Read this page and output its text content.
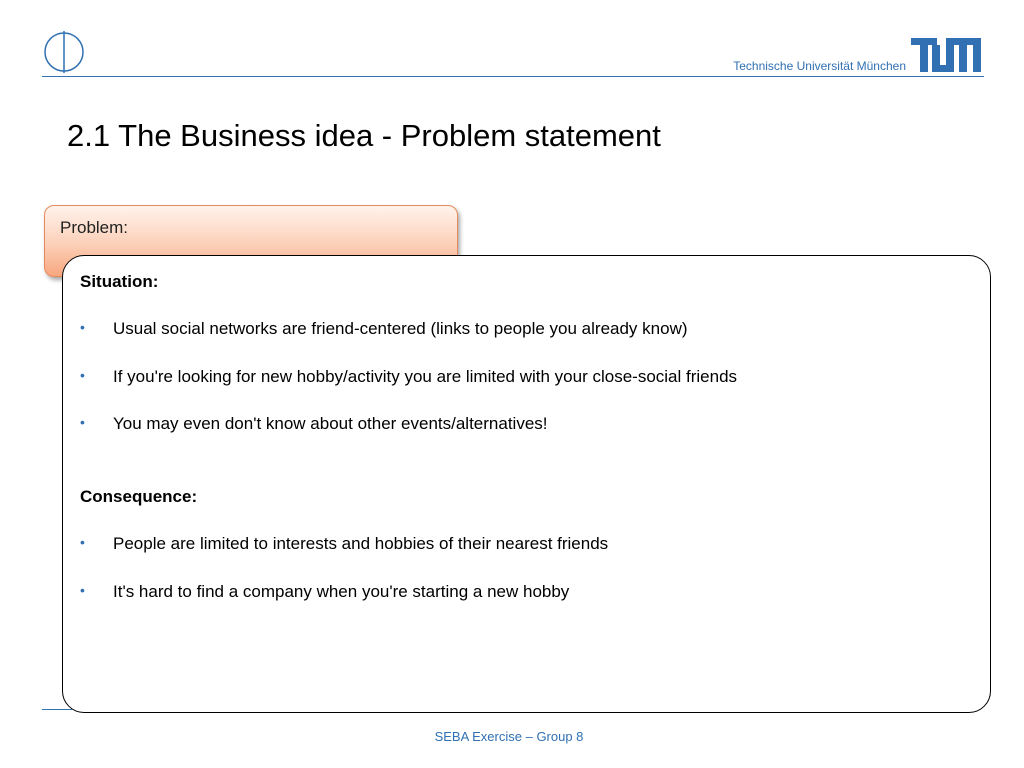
Technische Universität München
2.1 The Business idea - Problem statement
Problem:
Situation:
• Usual social networks are friend-centered (links to people you already know)
• If you're looking for new hobby/activity you are limited with your close-social friends
• You may even don't know about other events/alternatives!
Consequence:
• People are limited to interests and hobbies of their nearest friends
• It's hard to find a company when you're starting a new hobby
SEBA Exercise – Group 8
